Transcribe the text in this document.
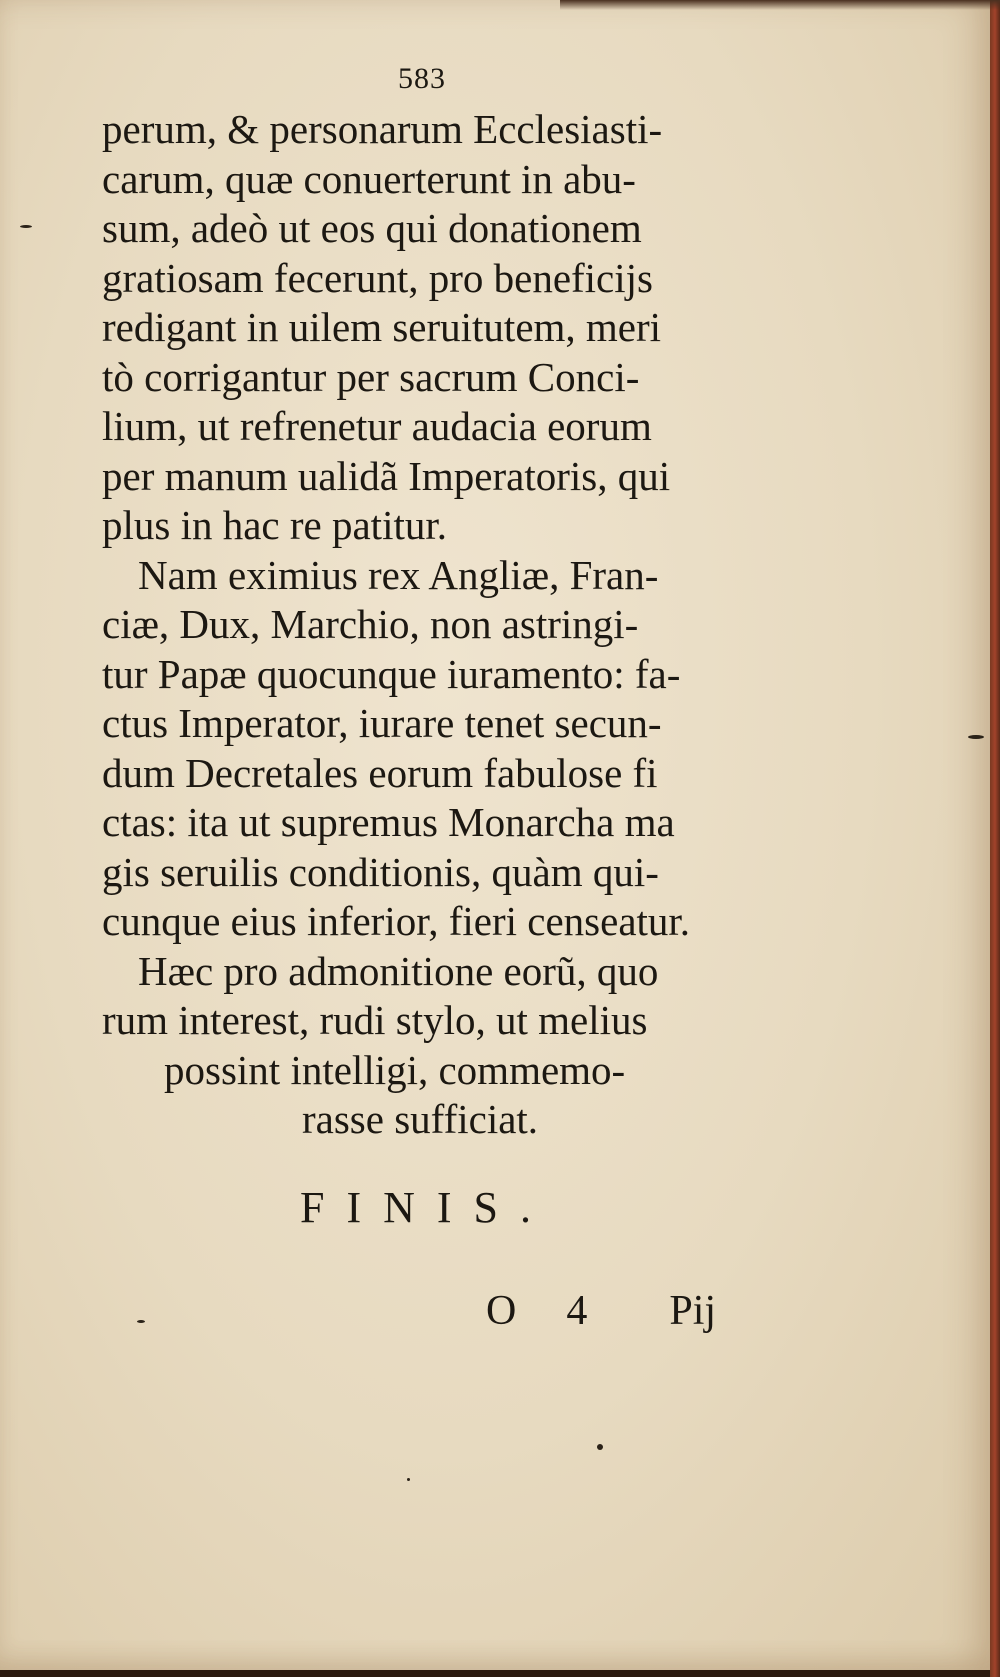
583
perum, & personarum Ecclesiasti-
carum, quæ conuerterunt in abu-
sum, adeò ut eos qui donationem
gratiosam fecerunt, pro beneficijs
redigant in uilem seruitutem, meri
tò corrigantur per sacrum Conci-
lium, ut refrenetur audacia eorum
per manum ualidã Imperatoris, qui
plus in hac re patitur.
Nam eximius rex Angliæ, Fran-
ciæ, Dux, Marchio, non astringi-
tur Papæ quocunque iuramento: fa-
ctus Imperator, iurare tenet secun-
dum Decretales eorum fabulose fi
ctas: ita ut supremus Monarcha ma
gis seruilis conditionis, quàm qui-
cunque eius inferior, fieri censeatur.
Hæc pro admonitione eorũ, quo
rum interest, rudi stylo, ut melius
possint intelligi, commemo-
rasse sufficiat.
FINIS.
O 4 Pij
